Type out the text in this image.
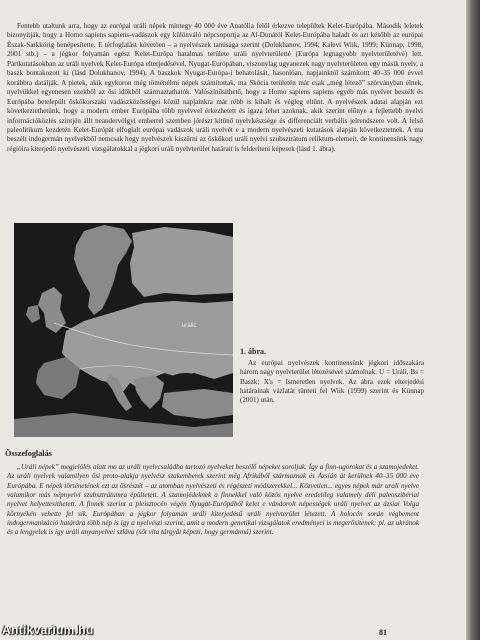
Fentebb utaltunk arra, hogy az európai uráli népek mintegy 40 000 éve Anatólia felől érkezve települtek Kelet-Európába. Második leletek bizonyítják, hogy a Homo sapiens sapiens-vadászok egy különváló népcsoportja az Al-Dunától Kelet-Európába haladt és azt később az európai Észak-Sarkkörig benépesítette. E térfoglalást követően – a nyelvészek tanúsága szerint (Dolukhanov, 1994; Kalevi Wiik, 1999; Künnap, 1998, 2001 stb.) – a jégkor folyamán egész Kelet-Európa hatalmas területe uráli nyelvterületté (Európa legnagyobb nyelvterületévé) lett. Pártkutatásokban az uráli nyelvek Kelet-Európa elterjedésével, Nyugat-Európában, viszonylag ugyanezek nagy nyelvterületen egy másik nyelv, a baszk bontakozott ki (lásd Dolukhanov, 1994). A baszkok Nyugat-Európa-i behatolását, hasonlóan, napjainktól számítottt 40–35 000 évvel korábbra datálják. A pietek, akik egykoron még töménélmi népek számítottak, ma Skócia területén már csak „még létező” szórványban élnek, nyelvükkel egyenesen ezekből az ősi időkből származtathatók. Valószínűsíthető, hogy a Homo sapiens sapiens egyéb más nyelvet beszélt és Európába betelepült őskőkorszaki vadászközösségei közül napjainkra már rébb is kihalt és végleg eltűnt. A nyelvészek adatai alapján ezt következtethetünk, hogy a modern ember Európába több nyelvvel érkezhetett és igaza lehet azoknak, akik szerint előnye a fejlettebb nyelvi információközlés szintjén állt neandervölgyi emberrel szemben jórészt kitűnő nyelvkészsége és differenciált verbális jelrendszere volt. A felső paleolitikum kezdetén Kelet-Európát elfoglalt európai vadászok uráli nyelvét e a modern nyelvészeti kutatások alapján következtetnek. A ma beszélt indogermán nyelvekből nemcsak hogy nyelvészek kiszűrni az őskőkori uráli nyelvi szubsztrátum reliktum-elemeit, de kontinensünk nagy régióira kiterjedő nyelvészeti vizsgálatokkal a jégkori uráli nyelvterület határait is felderíteni képesek (lásd 1. ábra).

uralic
1. ábra.

Az európai nyelvészek kontinensünk jégkori időszakára három nagy nyelvterület létezésével számolnak. U = Uráli, Bs = Baszk; X's = Ismeretlen nyelvek. Az ábra ezek elterjedési határainak vázlatát tünteti fel Wiik (1999) szerint és Künnap (2001) után.

Összefoglalás

„Uráli népek” megjelölés alatt mo az uráli nyelvcsaládba tartozó nyelveket beszélő népeket soroljuk. Így a finn-ugorokat és a szamojedeket. Az uráli nyelvek valamilyen ősi proto-alakja nyelvész szakemberek szerint még Afrikából származnak és Ázsián át kerülnek 40–35 000 éve Európába. E népek történetének ezt az ősrészét – az atomban nyelvészeti és régészeti módszerekkel... Közvetlen... egyes népek már urali nyelve valamikor más népnyelvi szubsztrátumra épültetett. A szamojédeknek a finnekkel való közös nyelve eredetileg valamely déli paleoszibériai nyelvet helyettesíthetett. A finnek szerint a pleisztocén végén Nyugat-Európából kelet e vándorolt népességek uráli nyelvet az ázsiai Volga környékén vehette fel sík. Európában a jégkor folyamán uráli kiterjedésű uráli nyelvterület létezett. A holocén során végbement indogermanizáció határára több nép is így a nyelvészi szerint, amit a modern genetikai vizsgálatok eredményei is megerősítenek: pl. az ukránok és a lengyelek is így uráli anyanyelvei szláva (sőt vita tárgyát képezi, hogy germánná) szerint.

81
Antikvarium.hu
